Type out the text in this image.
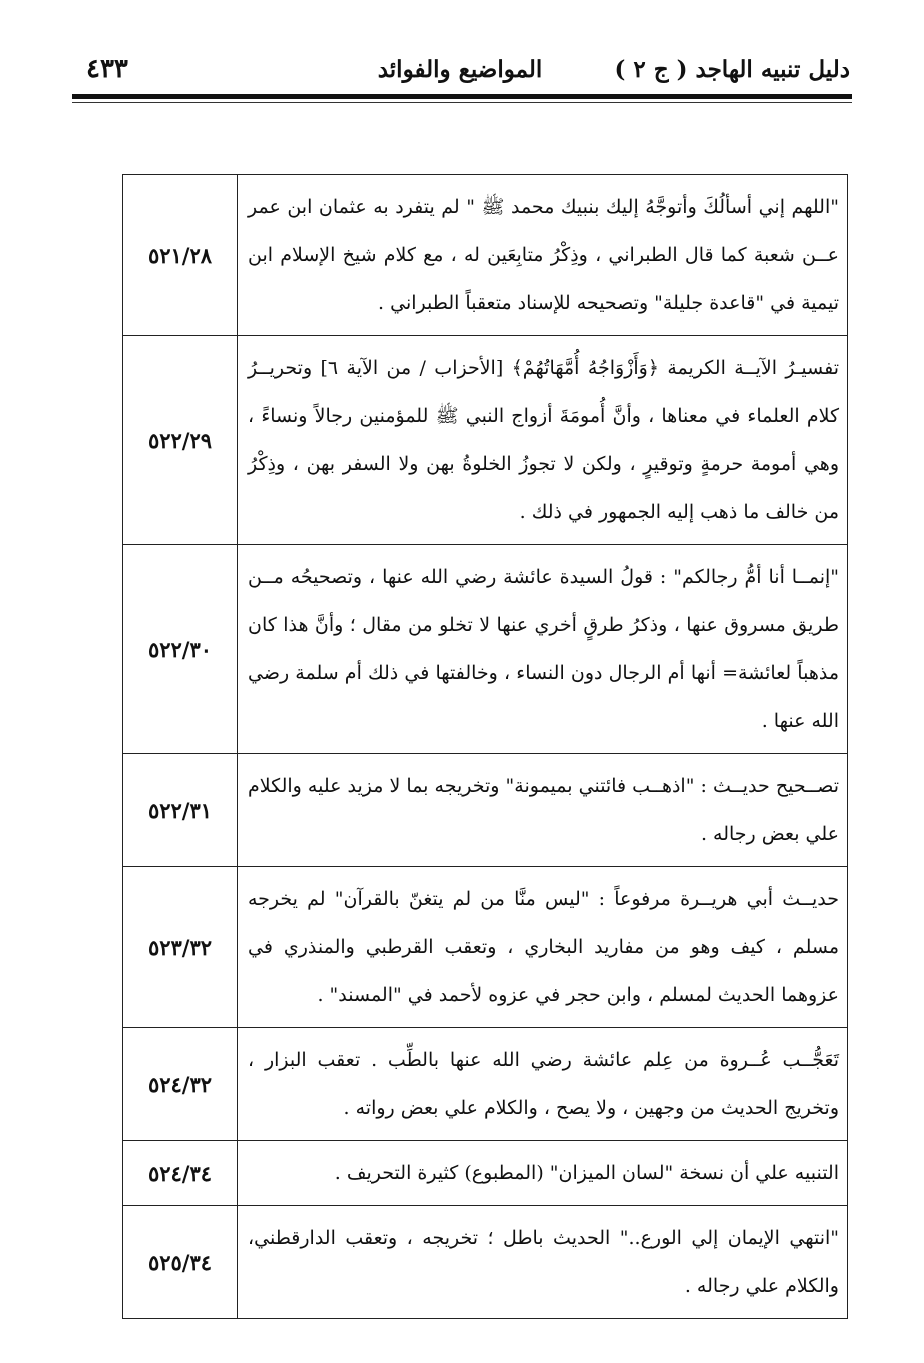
دليل تنبيه الهاجد ( ج ٢ )
المواضيع والفوائد
٤٣٣
"اللهم إني أسألُكَ وأتوجَّهُ إليك بنبيك محمد ﷺ " لم يتفرد به عثمان ابن عمر عــن شعبة كما قال الطبراني ، وذِكْرُ متابِعَين له ، مع كلام شيخ الإسلام ابن تيمية في "قاعدة جليلة" وتصحيحه للإسناد متعقباً الطبراني .	٥٢١/٢٨
تفسيـرُ الآيــة الكريمة ﴿وَأَزْوَاجُهُ أُمَّهَاتُهُمْ﴾ [الأحزاب / من الآية ٦] وتحريــرُ كلام العلماء في معناها ، وأنَّ أُمومَةَ أزواج النبي ﷺ للمؤمنين رجالاً ونساءً ، وهي أمومة حرمةٍ وتوقيرٍ ، ولكن لا تجوزُ الخلوةُ بهن ولا السفر بهن ، وذِكْرُ من خالف ما ذهب إليه الجمهور في ذلك .	٥٢٢/٢٩
"إنمــا أنا أمُّ رجالكم" : قولُ السيدة عائشة رضي الله عنها ، وتصحيحُه مــن طريق مسروق عنها ، وذكرُ طرقٍ أخري عنها لا تخلو من مقال ؛ وأنَّ هذا كان مذهباً لعائشة= أنها أم الرجال دون النساء ، وخالفتها في ذلك أم سلمة رضي الله عنها .	٥٢٢/٣٠
تصــحيح حديــث : "اذهــب فائتني بميمونة" وتخريجه بما لا مزيد عليه والكلام علي بعض رجاله .	٥٢٢/٣١
حديــث أبي هريــرة مرفوعاً : "ليس منَّا من لم يتغنّ بالقرآن" لم يخرجه مسلم ، كيف وهو من مفاريد البخاري ، وتعقب القرطبي والمنذري في عزوهما الحديث لمسلم ، وابن حجر في عزوه لأحمد في "المسند" .	٥٢٣/٣٢
تَعَجُّــب عُــروة من عِلم عائشة رضي الله عنها بالطِّب . تعقب البزار ، وتخريج الحديث من وجهين ، ولا يصح ، والكلام علي بعض رواته .	٥٢٤/٣٢
التنبيه علي أن نسخة "لسان الميزان" (المطبوع) كثيرة التحريف .	٥٢٤/٣٤
"انتهي الإيمان إلي الورع.." الحديث باطل ؛ تخريجه ، وتعقب الدارقطني، والكلام علي رجاله .	٥٢٥/٣٤
